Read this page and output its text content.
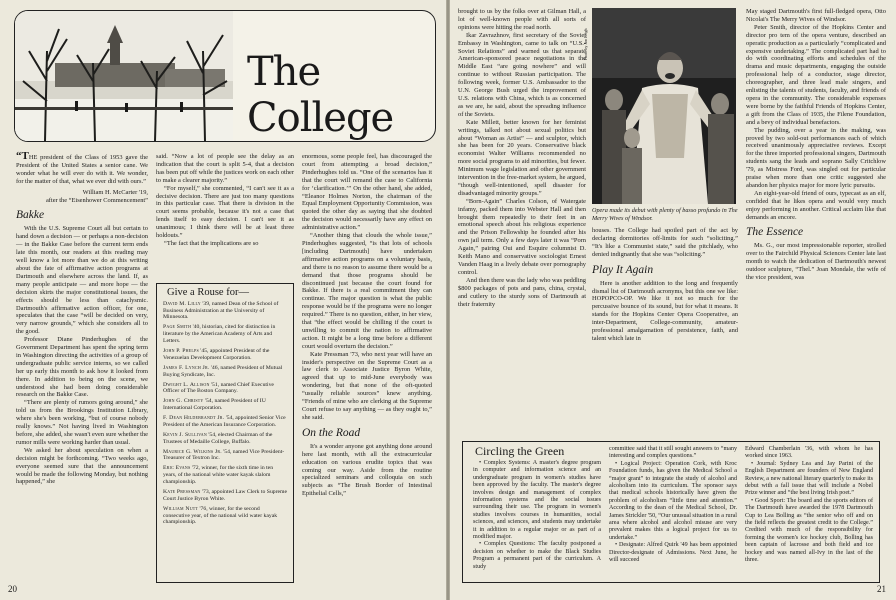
The College

“THE president of the Class of 1953 gave the President of the United States a senior cane. We wonder what he will ever do with it. We wonder, for the matter of that, what we ever did with ours.”

William H. McCarter '19,

after the “Eisenhower Commencement”

Bakke

With the U.S. Supreme Court all but certain to hand down a decision — or perhaps a non-decision — in the Bakke Case before the current term ends late this month, our readers at this reading may well know a lot more than we do at this writing about the fate of affirmative action programs at Dartmouth and elsewhere across the land. If, as many people anticipate — and more hope — the decision skirts the major constitutional issues, the effects should be less than cataclysmic. Dartmouth's affirmative action officer, for one, speculates that the case “will be decided on very, very narrow grounds,” which she considers all to the good.

Professor Diane Pinderhughes of the Government Department has spent the spring term in Washington directing the activities of a group of undergraduate public service interns, so we called her up early this month to ask how it looked from there. In addition to being on the scene, we understood she had been doing considerable research on the Bakke Case.

“There are plenty of rumors going around,” she told us from the Brookings Institution Library, where she's been working, “but of course nobody really knows.” Not having lived in Washington before, she added, she wasn't even sure whether the rumor mills were working harder than usual.

We asked her about speculation on when a decision might be forthcoming. “Two weeks ago, everyone seemed sure that the announcement would be made the following Monday, but nothing happened,” she

said. “Now a lot of people see the delay as an indication that the court is split 5-4, that a decision has been put off while the justices work on each other to make a clearer majority.”

“For myself,” she commented, “I can't see it as a decisive decision. There are just too many questions in this particular case. That there is division in the court seems probable, because it's not a case that lends itself to easy decision. I can't see it as unanimous; I think there will be at least three holdouts.”

“The fact that the implications are so

Give a Rouse for—
David M. Lilly '39, named Dean of the School of Business Administration at the University of Minnesota.
Page Smith '40, historian, cited for distinction in literature by the American Academy of Arts and Letters.
John P. Phelps '45, appointed President of the Venezuelan Development Corporation.
James F. Lynch Jr. '46, named President of Mutual Buying Syndicate, Inc.
Dwight L. Allison '51, named Chief Executive Officer of The Boston Company.
John G. Christy '54, named President of IU International Corporation.
F. Dean Hildebrandt Jr. '54, appointed Senior Vice President of the American Insurance Corporation.
Kevin J. Sullivan '54, elected Chairman of the Trustees of Medaille College, Buffalo.
Maurice G. Wilkins Jr. '54, named Vice President-Treasurer of Textron Inc.
Eric Evans '72, winner, for the sixth time in ten years, of the national white water kayak slalom championship.
Kate Pressman '73, appointed Law Clerk to Supreme Court Justice Byron White.
William Nutt '76, winner, for the second consecutive year, of the national wild water kayak championship.

enormous, some people feel, has discouraged the court from attempting a broad decision,” Pinderhughes told us. “One of the scenarios has it that the court will remand the case to California for ‘clarification.’” On the other hand, she added, “Eleanor Holmes Norton, the chairman of the Equal Employment Opportunity Commission, was quoted the other day as saying that she doubted the decision would necessarily have any effect on administrative action.”

“Another thing that clouds the whole issue,” Pinderhughes suggested, “is that lots of schools [including Dartmouth] have undertaken affirmative action programs on a voluntary basis, and there is no reason to assume there would be a demand that those programs should be discontinued just because the court found for Bakke. If there is a real commitment they can continue. The major question is what the public response would be if the programs were no longer required.” There is no question, either, in her view, that “the effect would be chilling if the court is unwilling to commit the nation to affirmative action. It might be a long time before a different court would overturn the decision.”

Kate Pressman '73, who next year will have an insider's perspective on the Supreme Court as a law clerk to Associate Justice Byron White, agreed that up to mid-June everybody was wondering, but that none of the oft-quoted “usually reliable sources” knew anything. “Friends of mine who are clerking at the Supreme Court refuse to say anything — as they ought to,” she said.

On the Road

It's a wonder anyone got anything done around here last month, with all the extracurricular education on various erudite topics that was coming our way. Aside from the routine specialized seminars and colloquia on such subjects as “The Brush Border of Intestinal Epithelial Cells,”

20

brought to us by the folks over at Gilman Hall, a lot of well-known people with all sorts of opinions were hitting the road north.

Ikar Zavrazhnov, first secretary of the Soviet Embassy in Washington, came to talk on “U.S.-Soviet Relations” and warned us that separate American-sponsored peace negotiations in the Middle East “are going nowhere” and will continue to without Russian participation. The following week, former U.S. Ambassador to the U.N. George Bush urged the improvement of U.S. relations with China, which is as concerned as we are, he said, about the spreading influence of the Soviets.

Kate Millett, better known for her feminist writings, talked not about sexual politics but about “Woman as Artist” — and sculptor, which she has been for 20 years. Conservative black economist Walter Williams recommended no more social programs to aid minorities, but fewer. Minimum wage legislation and other government intervention in the free-market system, he argued, “though well-intentioned, spell disaster for disadvantaged minority groups.”

“Born-Again” Charles Colson, of Watergate infamy, packed them into Webster Hall and then brought them repeatedly to their feet in an emotional speech about his religious experience and the Prison Fellowship he founded after his own jail term. Only a few days later it was “Porn Again,” pairing Oui and Esquire columnist D. Keith Mano and conservative sociologist Ernest Vanden Haag in a lively debate over pornography control.

And then there was the lady who was peddling $800 packages of pots and pans, china, crystal, and cutlery to the sturdy sons of Dartmouth at their fraternity

Photo by Jim Leigh
Opera made its debut with plenty of basso profundo in The Merry Wives of Windsor.

houses. The College had spoiled part of the act by declaring dormitories off-limits for such “soliciting.” “It's like a Communist state,” said the pitchlady, who denied indignantly that she was “soliciting.”

Play It Again

Here is another addition to the long and frequently dismal list of Dartmouth acronyms, but this one we like: HOPOPCO-OP. We like it not so much for the percussive bounce of its sound, but for what it means. It stands for the Hopkins Center Opera Cooperative, an inter-Department, College-community, amateur-professional amalgamation of persistence, faith, and talent which late in

May staged Dartmouth's first full-fledged opera, Otto Nicolai's The Merry Wives of Windsor.

Peter Smith, director of the Hopkins Center and director pro tem of the opera venture, described an operatic production as a particularly “complicated and expensive undertaking.” The complicated part had to do with coordinating efforts and schedules of the drama and music departments, engaging the outside professional help of a conductor, stage director, choreographer, and three lead male singers, and enlisting the talents of students, faculty, and friends of opera in the community. The considerable expenses were borne by the faithful Friends of Hopkins Center, a gift from the Class of 1935, the Filene Foundation, and a bevy of individual benefactors.

The pudding, over a year in the making, was proved by two sold-out performances each of which received unanimously appreciative reviews. Except for the three imported professional singers, Dartmouth students sang the leads and soprano Sally Critchlow '79, as Mistress Ford, was singled out for particular praise when more than one critic suggested she abandon her physics major for more lyric pursuits.

An eight-year-old friend of ours, typecast as an elf, confided that he likes opera and would very much enjoy performing in another. Critical acclaim like that demands an encore.

The Essence

Ms. G., our most impressionable reporter, strolled over to the Fairchild Physical Sciences Center late last month to watch the dedication of Dartmouth's newest outdoor sculpture, “Thel.” Joan Mondale, the wife of the vice president, was

Circling the Green

• Complex Systems: A master's degree program in computer and information science and an undergraduate program in women's studies have been approved by the faculty. The master's degree involves design and management of complex information systems and the social issues surrounding their use. The program in women's studies involves courses in humanities, social sciences, and sciences, and students may undertake it in addition to a regular major or as part of a modified major.

• Complex Questions: The faculty postponed a decision on whether to make the Black Studies Program a permanent part of the curriculum. A study

committee said that it still sought answers to “many interesting and complex questions.”

• Logical Project: Operation Cork, with Kroc Foundation funds, has given the Medical School a “major grant” to integrate the study of alcohol and alcoholism into its curriculum. The sponsor says that medical schools historically have given the problem of alcoholism “little time and attention.” According to the dean of the Medical School, Dr. James Strickler '50, “Our unusual situation in a rural area where alcohol and alcohol misuse are very prevalent makes this a logical project for us to undertake.”

• Designate: Alfred Quirk '49 has been appointed Director-designate of Admissions. Next June, he will succeed

Edward Chamberlain '36, with whom he has worked since 1963.

• Journal: Sydney Lea and Jay Parini of the English Department are founders of New England Review, a new national literary quarterly to make its debut with a fall issue that will include a Nobel Prize winner and “the best living Irish poet.”

• Good Sport: The board and the sports editors of The Dartmouth have awarded the 1978 Dartmouth Cup to Lea Bolling as “the senior who off and on the field reflects the greatest credit to the College.” Credited with much of the responsibility for forming the women's ice hockey club, Bolling has been captain of lacrosse and both field and ice hockey and was named all-Ivy in the last of the three.

21
